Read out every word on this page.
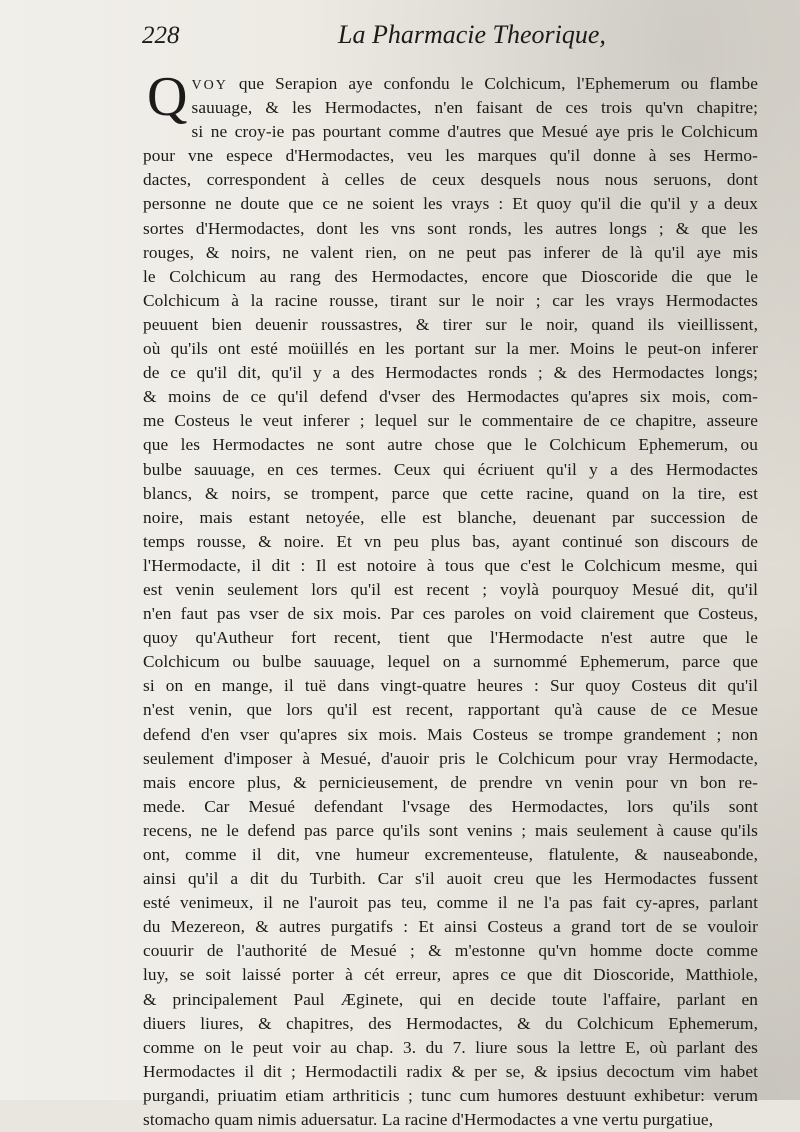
228	La Pharmacie Theorique,
Q VOY que Serapion aye confondu le Colchicum, l'Ephemerum ou flambe
sauuage, & les Hermodactes, n'en faisant de ces trois qu'vn chapitre;
si ne croy-ie pas pourtant comme d'autres que Mesué aye pris le Colchicum
pour vne espece d'Hermodactes, veu les marques qu'il donne à ses Hermo-
dactes, correspondent à celles de ceux desquels nous nous seruons, dont
personne ne doute que ce ne soient les vrays : Et quoy qu'il die qu'il y a deux
sortes d'Hermodactes, dont les vns sont ronds, les autres longs ; & que les
rouges, & noirs, ne valent rien, on ne peut pas inferer de là qu'il aye mis
le Colchicum au rang des Hermodactes, encore que Dioscoride die que le
Colchicum à la racine rousse, tirant sur le noir ; car les vrays Hermodactes
peuuent bien deuenir roussastres, & tirer sur le noir, quand ils vieillissent,
où qu'ils ont esté moüillés en les portant sur la mer. Moins le peut-on inferer
de ce qu'il dit, qu'il y a des Hermodactes ronds ; & des Hermodactes longs;
& moins de ce qu'il defend d'vser des Hermodactes qu'apres six mois, com-
me Costeus le veut inferer ; lequel sur le commentaire de ce chapitre, asseure
que les Hermodactes ne sont autre chose que le Colchicum Ephemerum, ou
bulbe sauuage, en ces termes. Ceux qui écriuent qu'il y a des Hermodactes
blancs, & noirs, se trompent, parce que cette racine, quand on la tire, est
noire, mais estant netoyée, elle est blanche, deuenant par succession de
temps rousse, & noire. Et vn peu plus bas, ayant continué son discours de
l'Hermodacte, il dit : Il est notoire à tous que c'est le Colchicum mesme, qui
est venin seulement lors qu'il est recent ; voylà pourquoy Mesué dit, qu'il
n'en faut pas vser de six mois. Par ces paroles on void clairement que Costeus,
quoy qu'Autheur fort recent, tient que l'Hermodacte n'est autre que le
Colchicum ou bulbe sauuage, lequel on a surnommé Ephemerum, parce que
si on en mange, il tuë dans vingt-quatre heures : Sur quoy Costeus dit qu'il
n'est venin, que lors qu'il est recent, rapportant qu'à cause de ce Mesue
defend d'en vser qu'apres six mois. Mais Costeus se trompe grandement ; non
seulement d'imposer à Mesué, d'auoir pris le Colchicum pour vray Hermodacte,
mais encore plus, & pernicieusement, de prendre vn venin pour vn bon re-
mede. Car Mesué defendant l'vsage des Hermodactes, lors qu'ils sont
recens, ne le defend pas parce qu'ils sont venins ; mais seulement à cause qu'ils
ont, comme il dit, vne humeur excrementeuse, flatulente, & nauseabonde,
ainsi qu'il a dit du Turbith. Car s'il auoit creu que les Hermodactes fussent
esté venimeux, il ne l'auroit pas teu, comme il ne l'a pas fait cy-apres, parlant
du Mezereon, & autres purgatifs : Et ainsi Costeus a grand tort de se vouloir
couurir de l'authorité de Mesué ; & m'estonne qu'vn homme docte comme
luy, se soit laissé porter à cét erreur, apres ce que dit Dioscoride, Matthiole,
& principalement Paul Æginete, qui en decide toute l'affaire, parlant en
diuers liures, & chapitres, des Hermodactes, & du Colchicum Ephemerum,
comme on le peut voir au chap. 3. du 7. liure sous la lettre E, où parlant des
Hermodactes il dit ; Hermodactili radix & per se, & ipsius decoctum vim habet
purgandi, priuatim etiam arthriticis ; tunc cum humores destuunt exhibetur: verum
stomacho quam nimis aduersatur. La racine d'Hermodactes a vne vertu purgatiue,
